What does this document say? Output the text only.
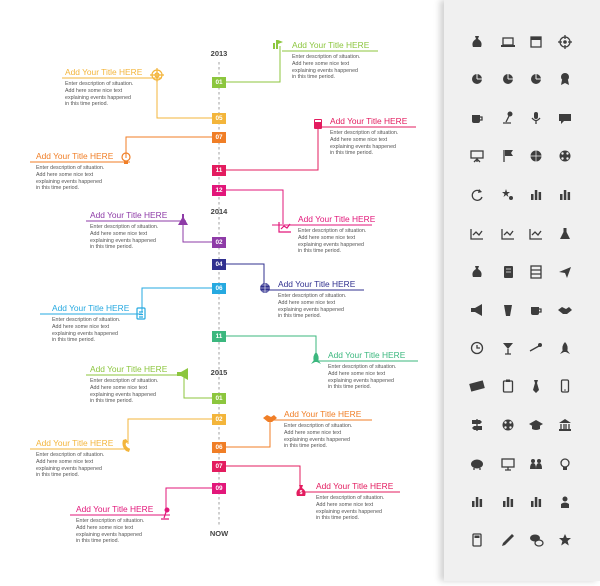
$
2013
2014
2015
NOW
01
05
07
11
12
02
04
06
11
01
02
06
07
09
Add Your Title HERE
Enter description of situation.
Add here some nice text
explaining events happened
in this time period.
Add Your Title HERE
Enter description of situation.
Add here some nice text
explaining events happened
in this time period.
Add Your Title HERE
Enter description of situation.
Add here some nice text
explaining events happened
in this time period.
Add Your Title HERE
Enter description of situation.
Add here some nice text
explaining events happened
in this time period.
Add Your Title HERE
Enter description of situation.
Add here some nice text
explaining events happened
in this time period.
Add Your Title HERE
Enter description of situation.
Add here some nice text
explaining events happened
in this time period.
Add Your Title HERE
Enter description of situation.
Add here some nice text
explaining events happened
in this time period.
Add Your Title HERE
Enter description of situation.
Add here some nice text
explaining events happened
in this time period.
Add Your Title HERE
Enter description of situation.
Add here some nice text
explaining events happened
in this time period.
Add Your Title HERE
Enter description of situation.
Add here some nice text
explaining events happened
in this time period.
Add Your Title HERE
Enter description of situation.
Add here some nice text
explaining events happened
in this time period.
Add Your Title HERE
Enter description of situation.
Add here some nice text
explaining events happened
in this time period.
Add Your Title HERE
Enter description of situation.
Add here some nice text
explaining events happened
in this time period.
Add Your Title HERE
Enter description of situation.
Add here some nice text
explaining events happened
in this time period.
